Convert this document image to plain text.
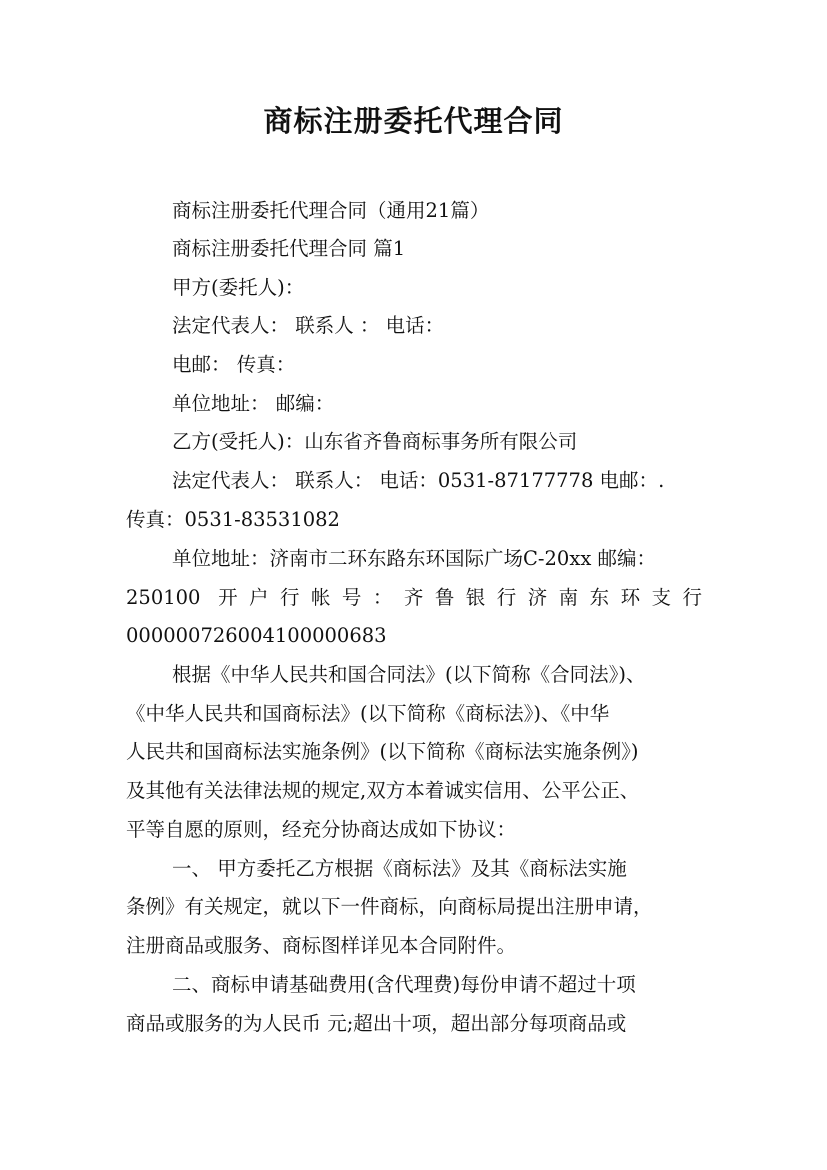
商标注册委托代理合同
商标注册委托代理合同（通用21篇）
商标注册委托代理合同 篇1
甲方(委托人)：
法定代表人： 联系人 ： 电话：
电邮： 传真：
单位地址： 邮编：
乙方(受托人)：山东省齐鲁商标事务所有限公司
法定代表人： 联系人： 电话：0531-87177778 电邮：.
传真：0531-83531082
单位地址：济南市二环东路东环国际广场C-20xx 邮编：
250100 开户行帐号：齐鲁银行济南东环支行
000000726004100000683
根据《中华人民共和国合同法》(以下简称《合同法》)、
《中华人民共和国商标法》(以下简称《商标法》)、《中华
人民共和国商标法实施条例》(以下简称《商标法实施条例》)
及其他有关法律法规的规定,双方本着诚实信用、公平公正、
平等自愿的原则，经充分协商达成如下协议：
一、 甲方委托乙方根据《商标法》及其《商标法实施
条例》有关规定，就以下一件商标，向商标局提出注册申请，
注册商品或服务、商标图样详见本合同附件。
二、商标申请基础费用(含代理费)每份申请不超过十项
商品或服务的为人民币 元;超出十项，超出部分每项商品或
